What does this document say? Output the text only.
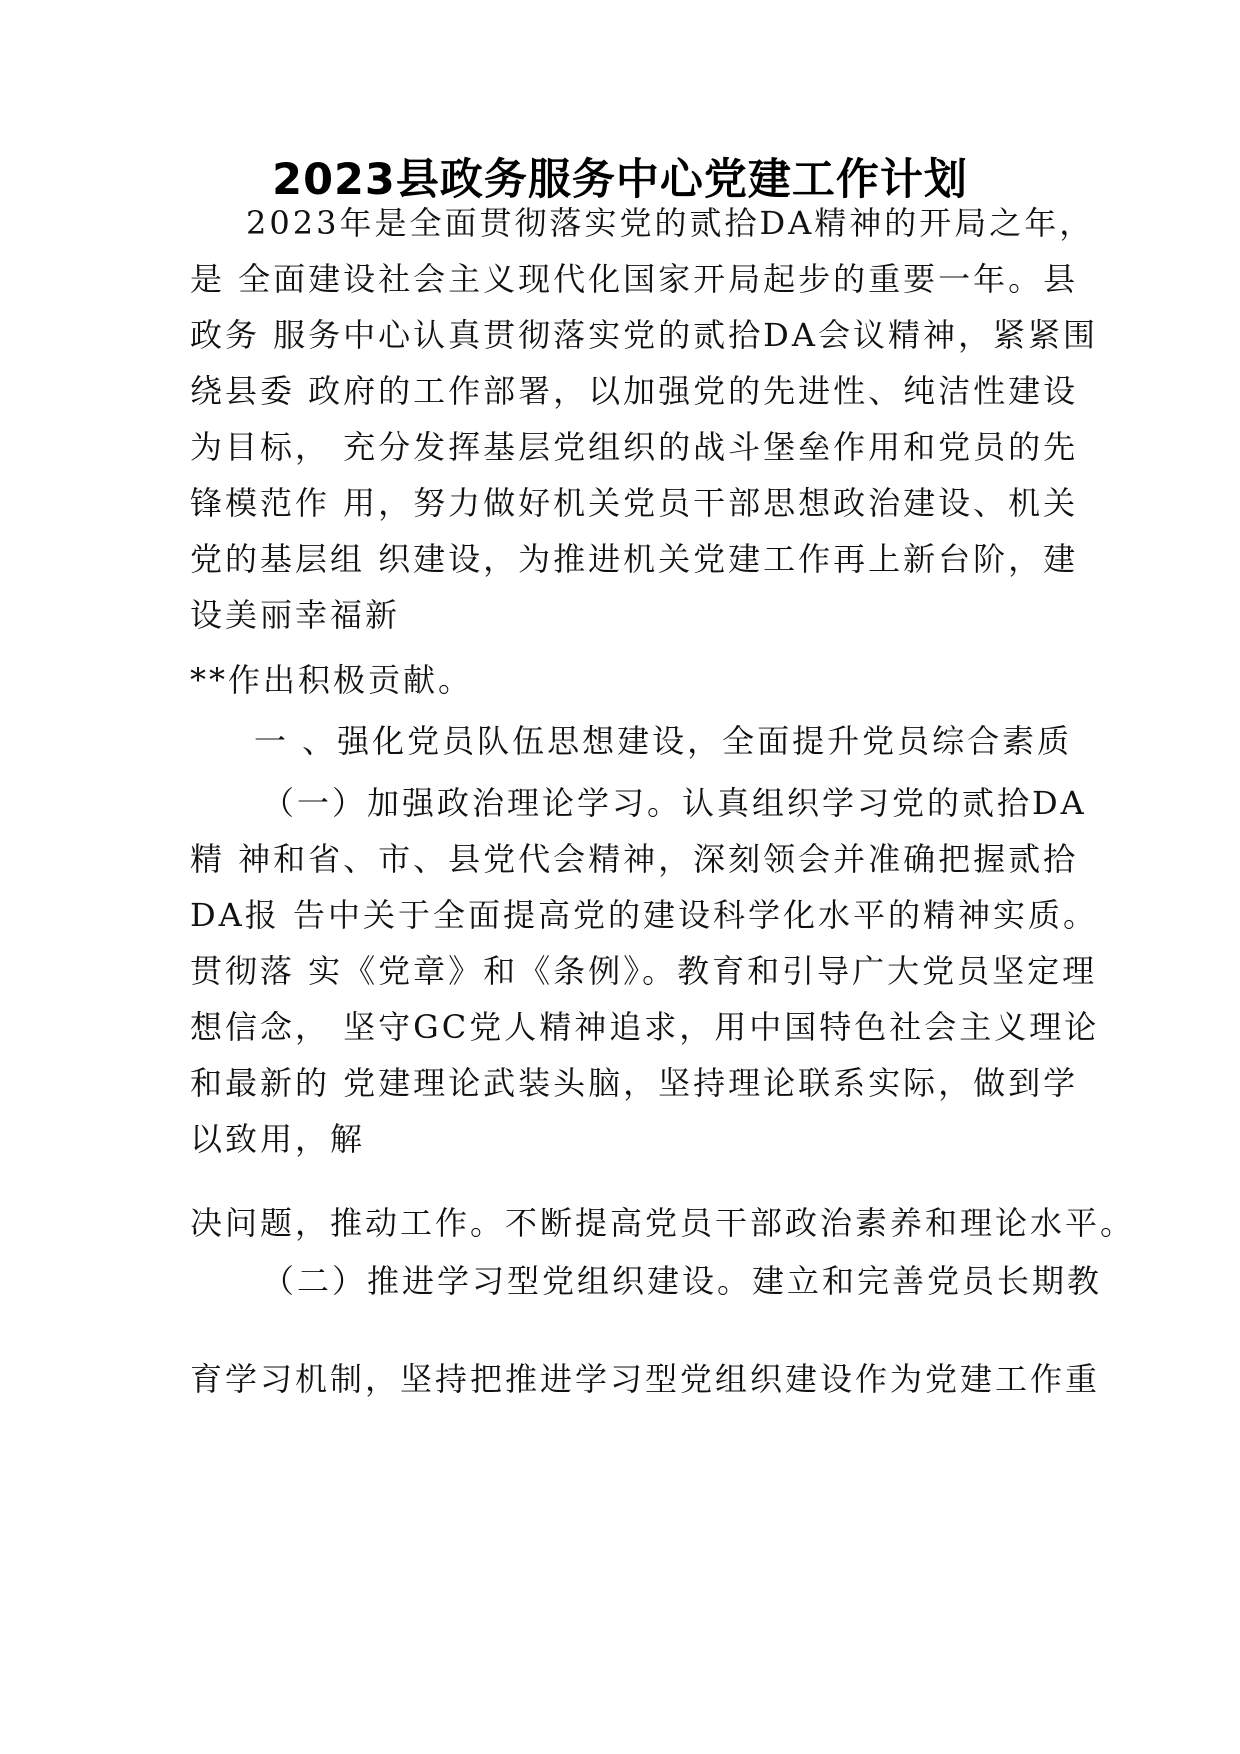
2023县政务服务中心党建工作计划
2023年是全面贯彻落实党的贰拾DA精神的开局之年，
是 全面建设社会主义现代化国家开局起步的重要一年。县
政务 服务中心认真贯彻落实党的贰拾DA会议精神，紧紧围
绕县委 政府的工作部署，以加强党的先进性、纯洁性建设
为目标， 充分发挥基层党组织的战斗堡垒作用和党员的先
锋模范作 用，努力做好机关党员干部思想政治建设、机关
党的基层组 织建设，为推进机关党建工作再上新台阶，建
设美丽幸福新
**作出积极贡献。
一 、强化党员队伍思想建设，全面提升党员综合素质
（一）加强政治理论学习。认真组织学习党的贰拾DA
精 神和省、市、县党代会精神，深刻领会并准确把握贰拾
DA报 告中关于全面提高党的建设科学化水平的精神实质。
贯彻落 实《党章》和《条例》。教育和引导广大党员坚定理
想信念， 坚守GC党人精神追求，用中国特色社会主义理论
和最新的 党建理论武装头脑，坚持理论联系实际，做到学
以致用，解
决问题，推动工作。不断提高党员干部政治素养和理论水平。
（二）推进学习型党组织建设。建立和完善党员长期教
育学习机制，坚持把推进学习型党组织建设作为党建工作重
